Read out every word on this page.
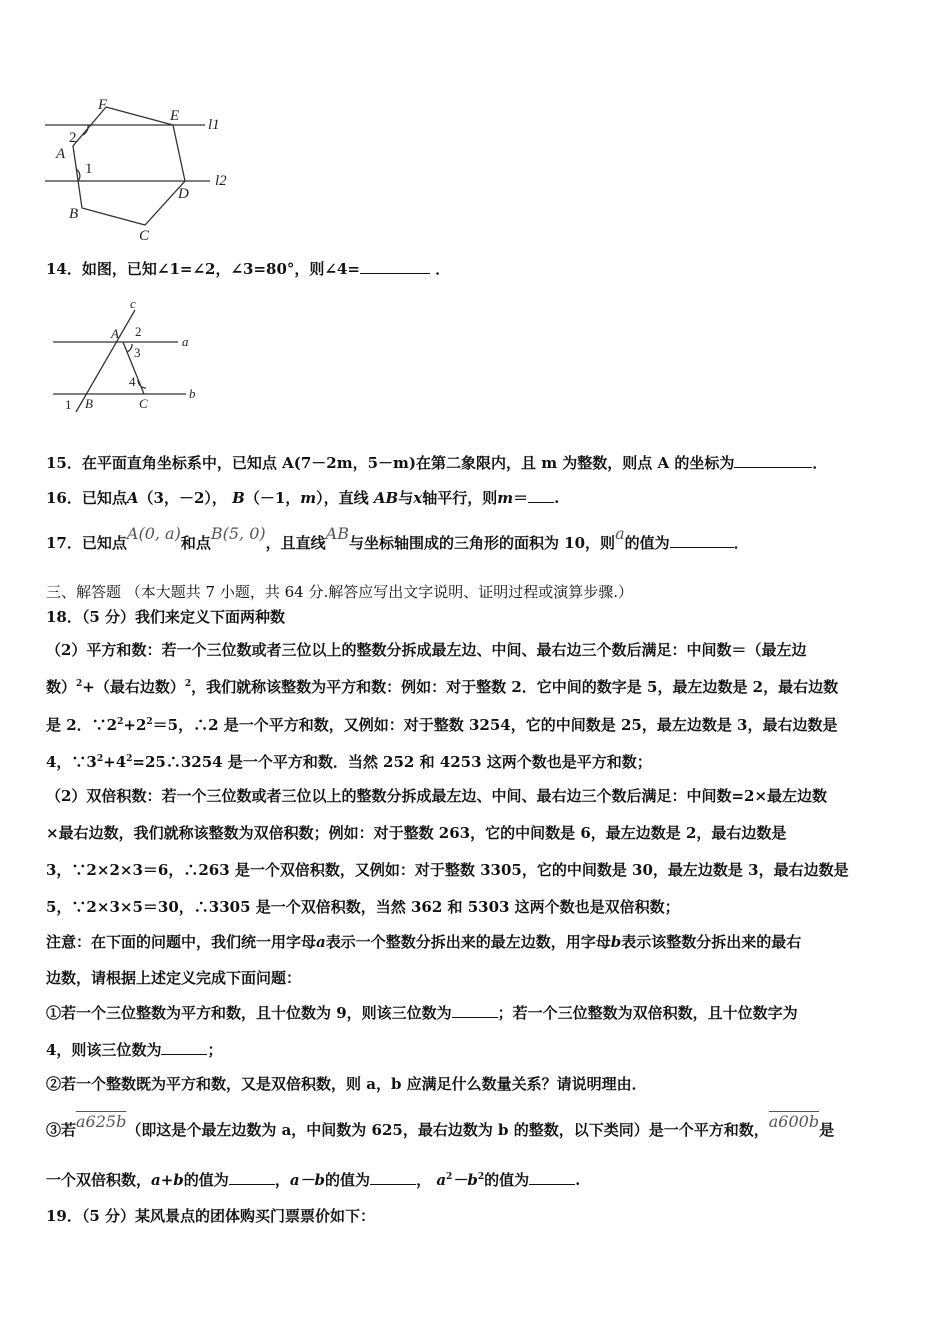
F
E
l1
2
A
1
l2
B
D
C
14．如图，已知∠1=∠2，∠3=80°，则∠4=	．
c
A 2
3
a
4
1 B	C
b
15．在平面直角坐标系中，已知点 A(7－2m，5－m)在第二象限内，且 m 为整数，则点 A 的坐标为	．
16．已知点A（3，－2）， B（－1，m），直线 AB与x轴平行，则m＝ .
17．已知点A(0, a)和点B(5, 0)，且直线AB与坐标轴围成的三角形的面积为 10，则a的值为	．
三、解答题 （本大题共 7 小题，共 64 分.解答应写出文字说明、证明过程或演算步骤.）
18．（5 分）我们来定义下面两种数
（2）平方和数：若一个三位数或者三位以上的整数分拆成最左边、中间、最右边三个数后满足：中间数＝（最左边
数）$^2$+（最右边数）$^2$，我们就称该整数为平方和数：例如：对于整数 2．它中间的数字是 5，最左边数是 2，最右边数
是 2．$\because 2^2+2^2=5$，∴2 是一个平方和数，又例如：对于整数 3254，它的中间数是 25，最左边数是 3，最右边数是
4，$\because 3^2+4^2=25\therefore 3254$ 是一个平方和数．当然 252 和 4253 这两个数也是平方和数；
（2）双倍积数：若一个三位数或者三位以上的整数分拆成最左边、中间、最右边三个数后满足：中间数=2×最左边数
×最右边数，我们就称该整数为双倍积数；例如：对于整数 263，它的中间数是 6，最左边数是 2，最右边数是
3，∵2×2×3＝6，∴263 是一个双倍积数，又例如：对于整数 3305，它的中间数是 30，最左边数是 3，最右边数是
5，∵2×3×5＝30，∴3305 是一个双倍积数，当然 362 和 5303 这两个数也是双倍积数；
注意：在下面的问题中，我们统一用字母a表示一个整数分拆出来的最左边数，用字母b表示该整数分拆出来的最右
边数，请根据上述定义完成下面问题：
①若一个三位整数为平方和数，且十位数为 9，则该三位数为	；若一个三位整数为双倍积数，且十位数字为
4，则该三位数为	；
②若一个整数既为平方和数，又是双倍积数，则 a，b 应满足什么数量关系？请说明理由．
③若a625b（即这是个最左边数为 a，中间数为 625，最右边数为 b 的整数，以下类同）是一个平方和数，a600b是
一个双倍积数，a+b的值为	，a－b的值为	， $a^2-b^2$的值为	.
19．（5 分）某风景点的团体购买门票票价如下：
